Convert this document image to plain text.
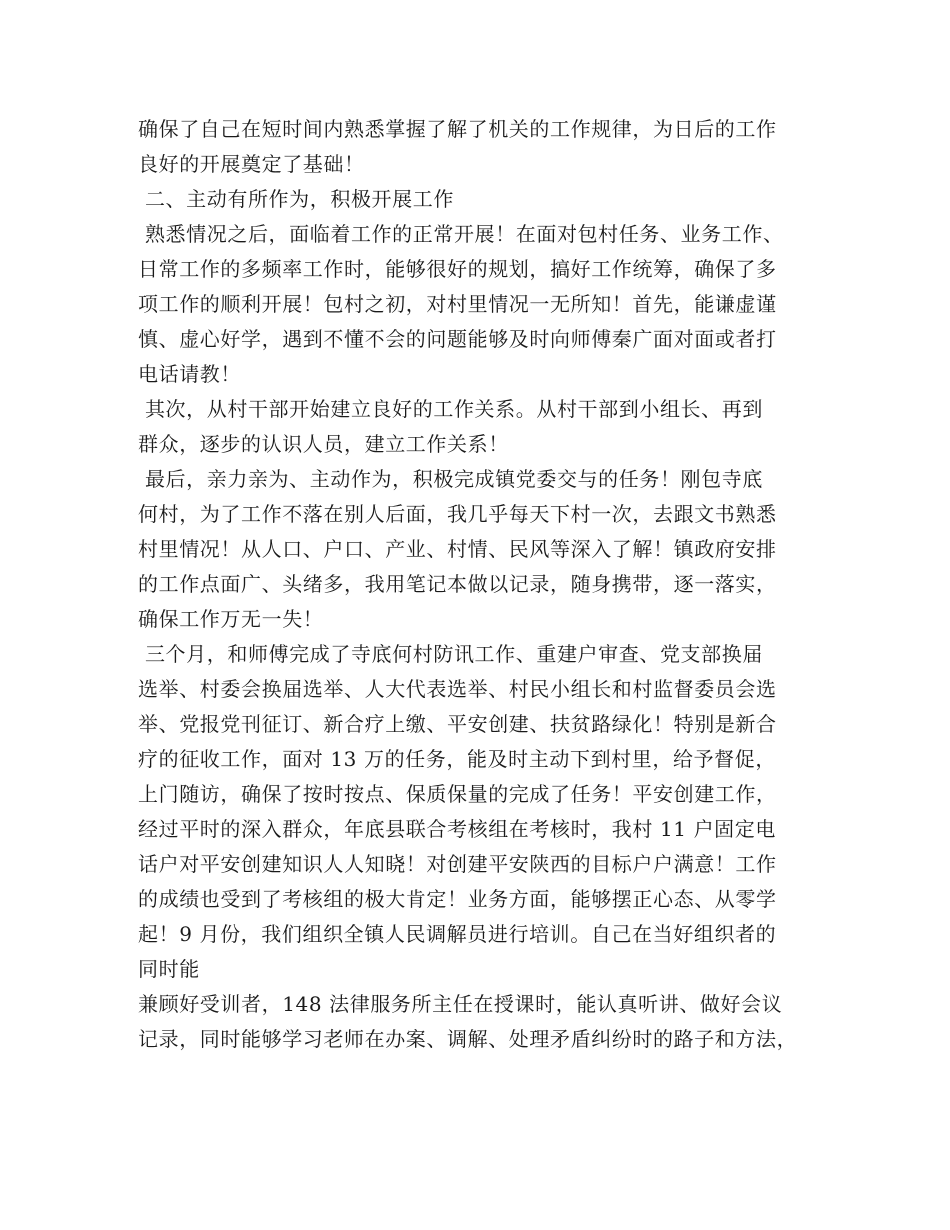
确保了自己在短时间内熟悉掌握了解了机关的工作规律，为日后的工作
良好的开展奠定了基础！
二、主动有所作为，积极开展工作
熟悉情况之后，面临着工作的正常开展！在面对包村任务、业务工作、
日常工作的多频率工作时，能够很好的规划，搞好工作统筹，确保了多
项工作的顺利开展！包村之初，对村里情况一无所知！首先，能谦虚谨
慎、虚心好学，遇到不懂不会的问题能够及时向师傅秦广面对面或者打
电话请教！
其次，从村干部开始建立良好的工作关系。从村干部到小组长、再到
群众，逐步的认识人员，建立工作关系！
最后，亲力亲为、主动作为，积极完成镇党委交与的任务！刚包寺底
何村，为了工作不落在别人后面，我几乎每天下村一次，去跟文书熟悉
村里情况！从人口、户口、产业、村情、民风等深入了解！镇政府安排
的工作点面广、头绪多，我用笔记本做以记录，随身携带，逐一落实，
确保工作万无一失！
三个月，和师傅完成了寺底何村防讯工作、重建户审查、党支部换届
选举、村委会换届选举、人大代表选举、村民小组长和村监督委员会选
举、党报党刊征订、新合疗上缴、平安创建、扶贫路绿化！特别是新合
疗的征收工作，面对 13 万的任务，能及时主动下到村里，给予督促，
上门随访，确保了按时按点、保质保量的完成了任务！平安创建工作，
经过平时的深入群众，年底县联合考核组在考核时，我村 11 户固定电
话户对平安创建知识人人知晓！对创建平安陕西的目标户户满意！工作
的成绩也受到了考核组的极大肯定！业务方面，能够摆正心态、从零学
起！9 月份，我们组织全镇人民调解员进行培训。自己在当好组织者的
同时能
兼顾好受训者，148 法律服务所主任在授课时，能认真听讲、做好会议
记录，同时能够学习老师在办案、调解、处理矛盾纠纷时的路子和方法，
